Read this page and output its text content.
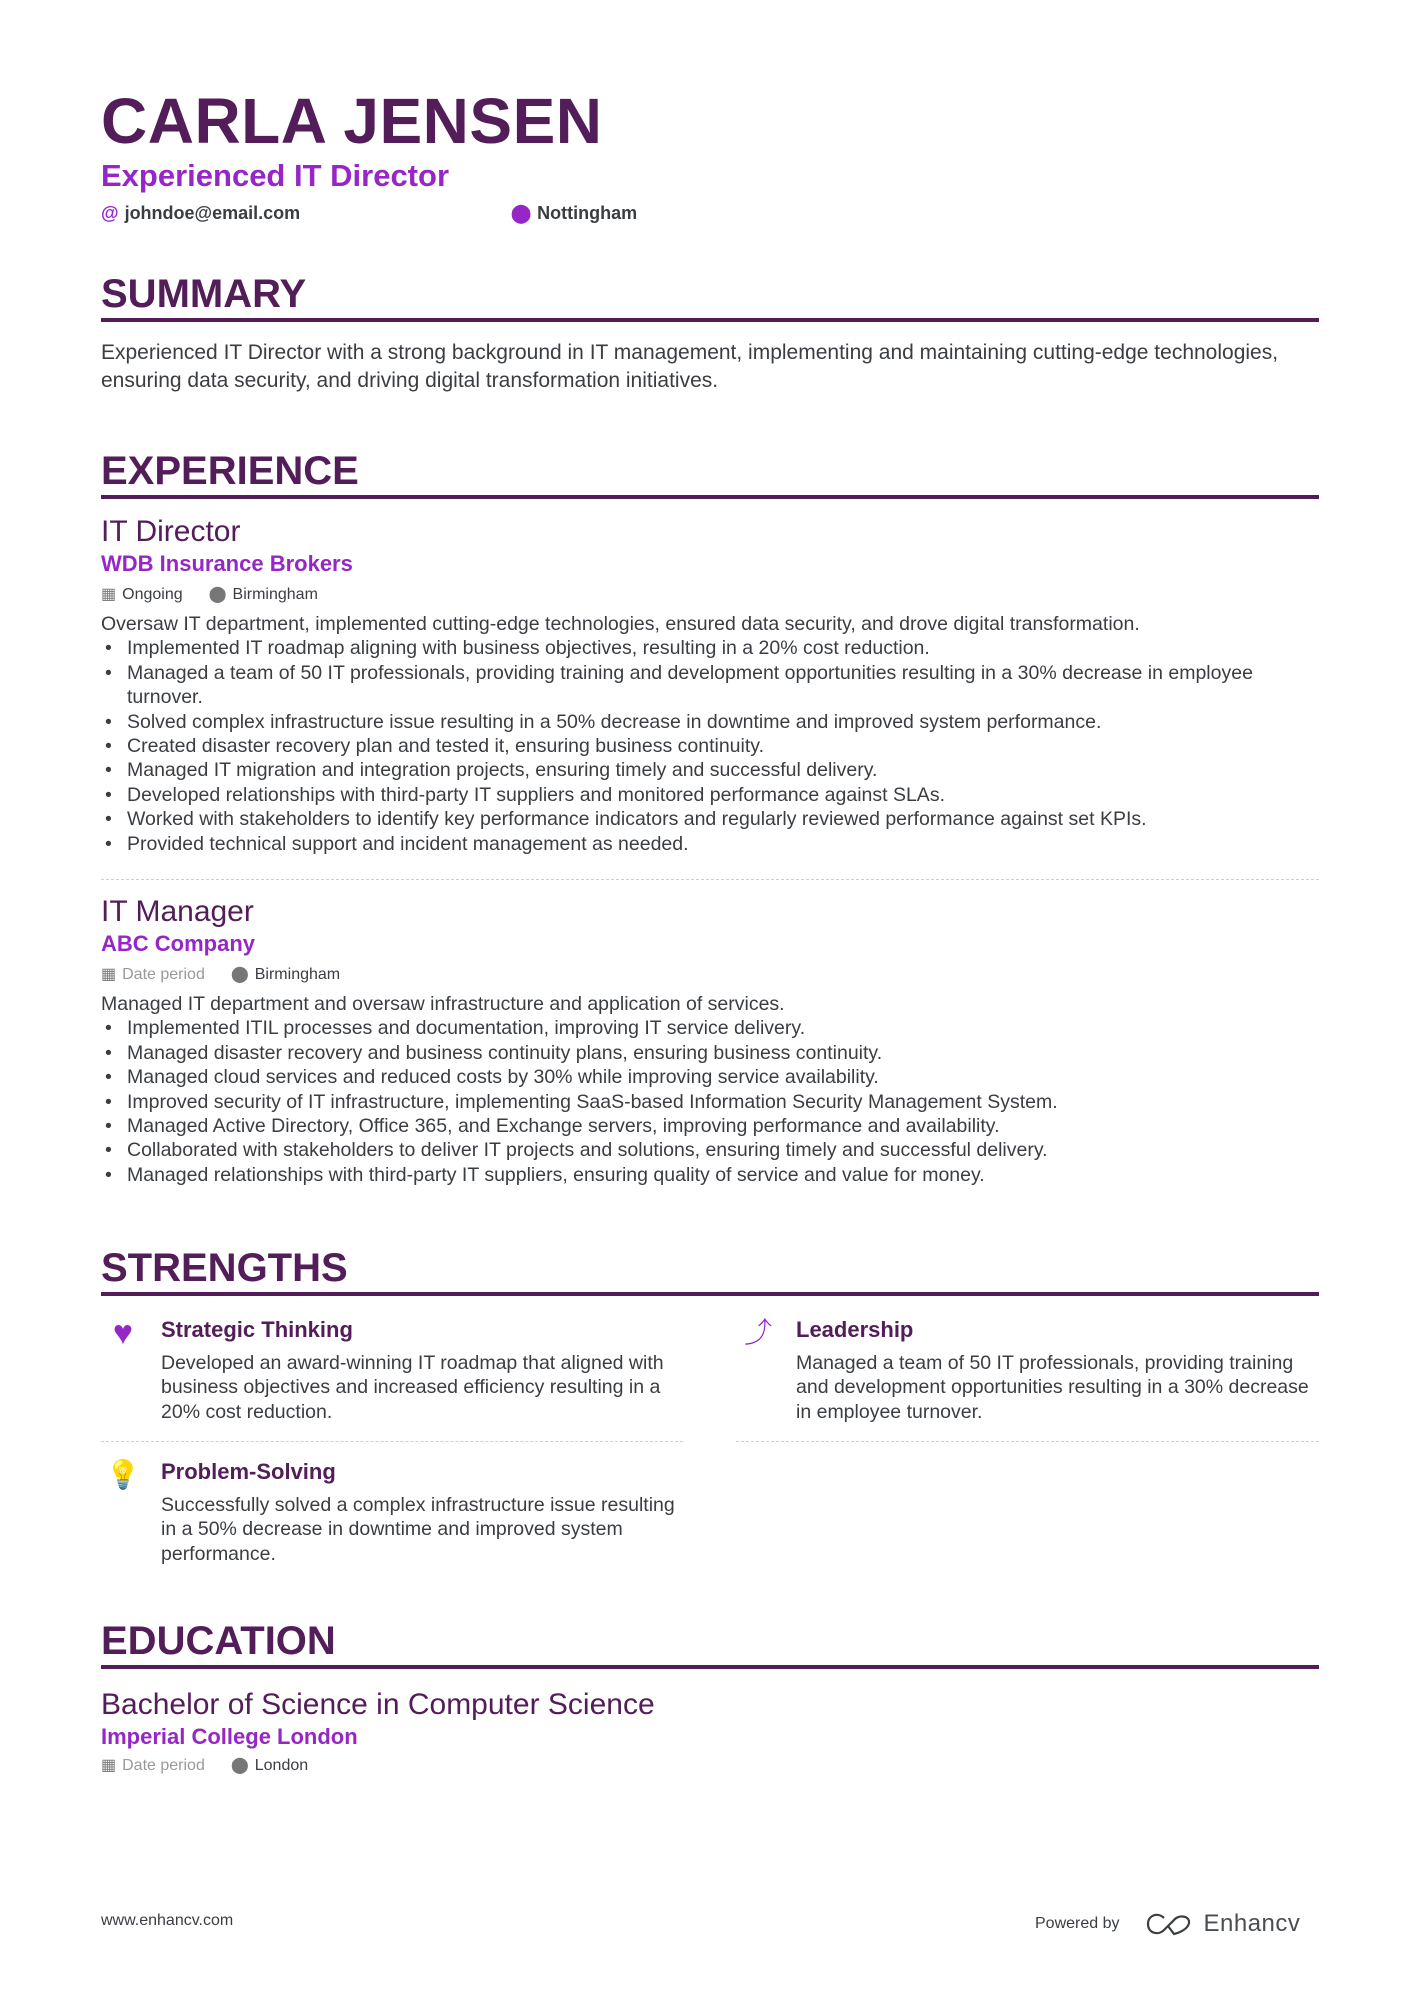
CARLA JENSEN
Experienced IT Director
@ johndoe@email.com	⬤ Nottingham
SUMMARY
Experienced IT Director with a strong background in IT management, implementing and maintaining cutting-edge technologies, ensuring data security, and driving digital transformation initiatives.
EXPERIENCE
IT Director
WDB Insurance Brokers
▦ Ongoing ⬤ Birmingham
Oversaw IT department, implemented cutting-edge technologies, ensured data security, and drove digital transformation.
• Implemented IT roadmap aligning with business objectives, resulting in a 20% cost reduction.
• Managed a team of 50 IT professionals, providing training and development opportunities resulting in a 30% decrease in employee turnover.
• Solved complex infrastructure issue resulting in a 50% decrease in downtime and improved system performance.
• Created disaster recovery plan and tested it, ensuring business continuity.
• Managed IT migration and integration projects, ensuring timely and successful delivery.
• Developed relationships with third-party IT suppliers and monitored performance against SLAs.
• Worked with stakeholders to identify key performance indicators and regularly reviewed performance against set KPIs.
• Provided technical support and incident management as needed.
IT Manager
ABC Company
▦ Date period ⬤ Birmingham
Managed IT department and oversaw infrastructure and application of services.
• Implemented ITIL processes and documentation, improving IT service delivery.
• Managed disaster recovery and business continuity plans, ensuring business continuity.
• Managed cloud services and reduced costs by 30% while improving service availability.
• Improved security of IT infrastructure, implementing SaaS-based Information Security Management System.
• Managed Active Directory, Office 365, and Exchange servers, improving performance and availability.
• Collaborated with stakeholders to deliver IT projects and solutions, ensuring timely and successful delivery.
• Managed relationships with third-party IT suppliers, ensuring quality of service and value for money.
STRENGTHS
♥	Strategic Thinking
Developed an award-winning IT roadmap that aligned with business objectives and increased efficiency resulting in a 20% cost reduction.
⤴	Leadership
Managed a team of 50 IT professionals, providing training and development opportunities resulting in a 30% decrease in employee turnover.
💡 Problem-Solving
Successfully solved a complex infrastructure issue resulting in a 50% decrease in downtime and improved system performance.
EDUCATION
Bachelor of Science in Computer Science
Imperial College London
▦ Date period ⬤ London
www.enhancv.com	Powered by	Enhancv
